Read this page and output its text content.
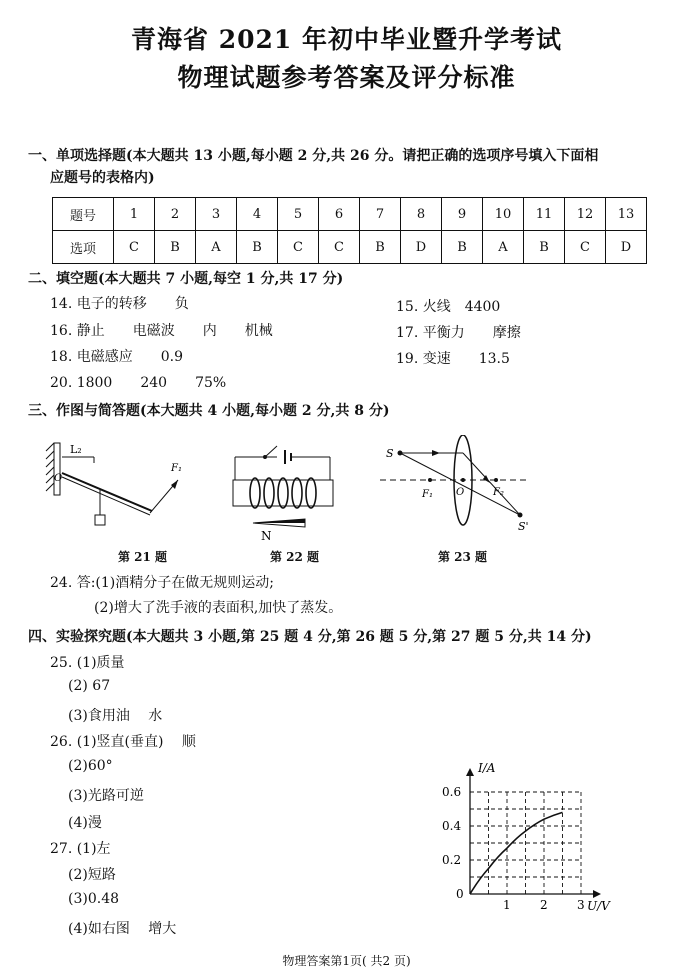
青海省 2021 年初中毕业暨升学考试
物理试题参考答案及评分标准
一、单项选择题(本大题共 13 小题,每小题 2 分,共 26 分。请把正确的选项序号填入下面相
应题号的表格内)
题号	1	2	3	4	5	6	7	8	9	10	11	12	13
选项	C	B	A	B	C	C	B	D	B	A	B	C	D
二、填空题(本大题共 7 小题,每空 1 分,共 17 分)
14. 电子的转移　　负	15. 火线　4400
16. 静止　　电磁波　　内　　机械	17. 平衡力　　摩擦
18. 电磁感应　　0.9	19. 变速　　13.5
20. 1800　　240　　75%
三、作图与简答题(本大题共 4 小题,每小题 2 分,共 8 分)
L₂
O
F₁
第 21 题
N
第 22 题
S
S'
F₁	F₂
O
第 23 题
24. 答:(1)酒精分子在做无规则运动;
(2)增大了洗手液的表面积,加快了蒸发。
四、实验探究题(本大题共 3 小题,第 25 题 4 分,第 26 题 5 分,第 27 题 5 分,共 14 分)
25. (1)质量
(2) 67
(3)食用油　 水
26. (1)竖直(垂直)　 顺
(2)60°
(3)光路可逆
(4)漫
27. (1)左
(2)短路
(3)0.48
(4)如右图　 增大
U/V
I/A
0
1 2 3
0.2
0.4
0.6
物理答案第1页( 共2 页)
